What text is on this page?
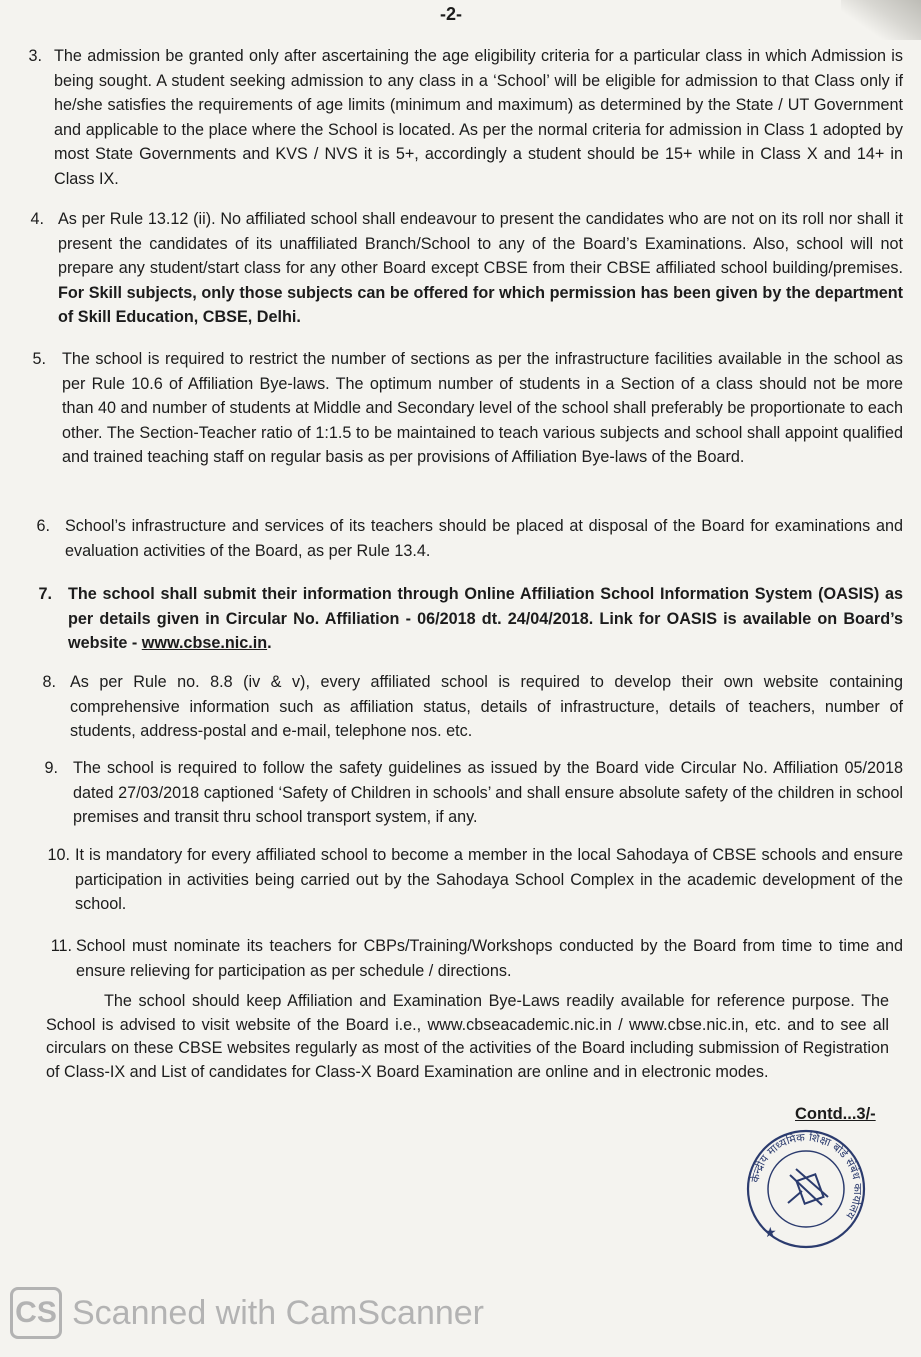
-2-
3. The admission be granted only after ascertaining the age eligibility criteria for a particular class in which Admission is being sought. A student seeking admission to any class in a ‘School’ will be eligible for admission to that Class only if he/she satisfies the requirements of age limits (minimum and maximum) as determined by the State / UT Government and applicable to the place where the School is located. As per the normal criteria for admission in Class 1 adopted by most State Governments and KVS / NVS it is 5+, accordingly a student should be 15+ while in Class X and 14+ in Class IX.
4. As per Rule 13.12 (ii). No affiliated school shall endeavour to present the candidates who are not on its roll nor shall it present the candidates of its unaffiliated Branch/School to any of the Board’s Examinations. Also, school will not prepare any student/start class for any other Board except CBSE from their CBSE affiliated school building/premises. For Skill subjects, only those subjects can be offered for which permission has been given by the department of Skill Education, CBSE, Delhi.
5. The school is required to restrict the number of sections as per the infrastructure facilities available in the school as per Rule 10.6 of Affiliation Bye-laws. The optimum number of students in a Section of a class should not be more than 40 and number of students at Middle and Secondary level of the school shall preferably be proportionate to each other. The Section-Teacher ratio of 1:1.5 to be maintained to teach various subjects and school shall appoint qualified and trained teaching staff on regular basis as per provisions of Affiliation Bye-laws of the Board.
6. School’s infrastructure and services of its teachers should be placed at disposal of the Board for examinations and evaluation activities of the Board, as per Rule 13.4.
7. The school shall submit their information through Online Affiliation School Information System (OASIS) as per details given in Circular No. Affiliation - 06/2018 dt. 24/04/2018. Link for OASIS is available on Board’s website - www.cbse.nic.in.
8. As per Rule no. 8.8 (iv & v), every affiliated school is required to develop their own website containing comprehensive information such as affiliation status, details of infrastructure, details of teachers, number of students, address-postal and e-mail, telephone nos. etc.
9. The school is required to follow the safety guidelines as issued by the Board vide Circular No. Affiliation 05/2018 dated 27/03/2018 captioned ‘Safety of Children in schools’ and shall ensure absolute safety of the children in school premises and transit thru school transport system, if any.
10. It is mandatory for every affiliated school to become a member in the local Sahodaya of CBSE schools and ensure participation in activities being carried out by the Sahodaya School Complex in the academic development of the school.
11. School must nominate its teachers for CBPs/Training/Workshops conducted by the Board from time to time and ensure relieving for participation as per schedule / directions.
The school should keep Affiliation and Examination Bye-Laws readily available for reference purpose. The School is advised to visit website of the Board i.e., www.cbseacademic.nic.in / www.cbse.nic.in, etc. and to see all circulars on these CBSE websites regularly as most of the activities of the Board including submission of Registration of Class-IX and List of candidates for Class-X Board Examination are online and in electronic modes.
Contd...3/-
केन्द्रीय माध्यमिक शिक्षा बोर्ड संबंध कार्यालय
★
CS Scanned with CamScanner
